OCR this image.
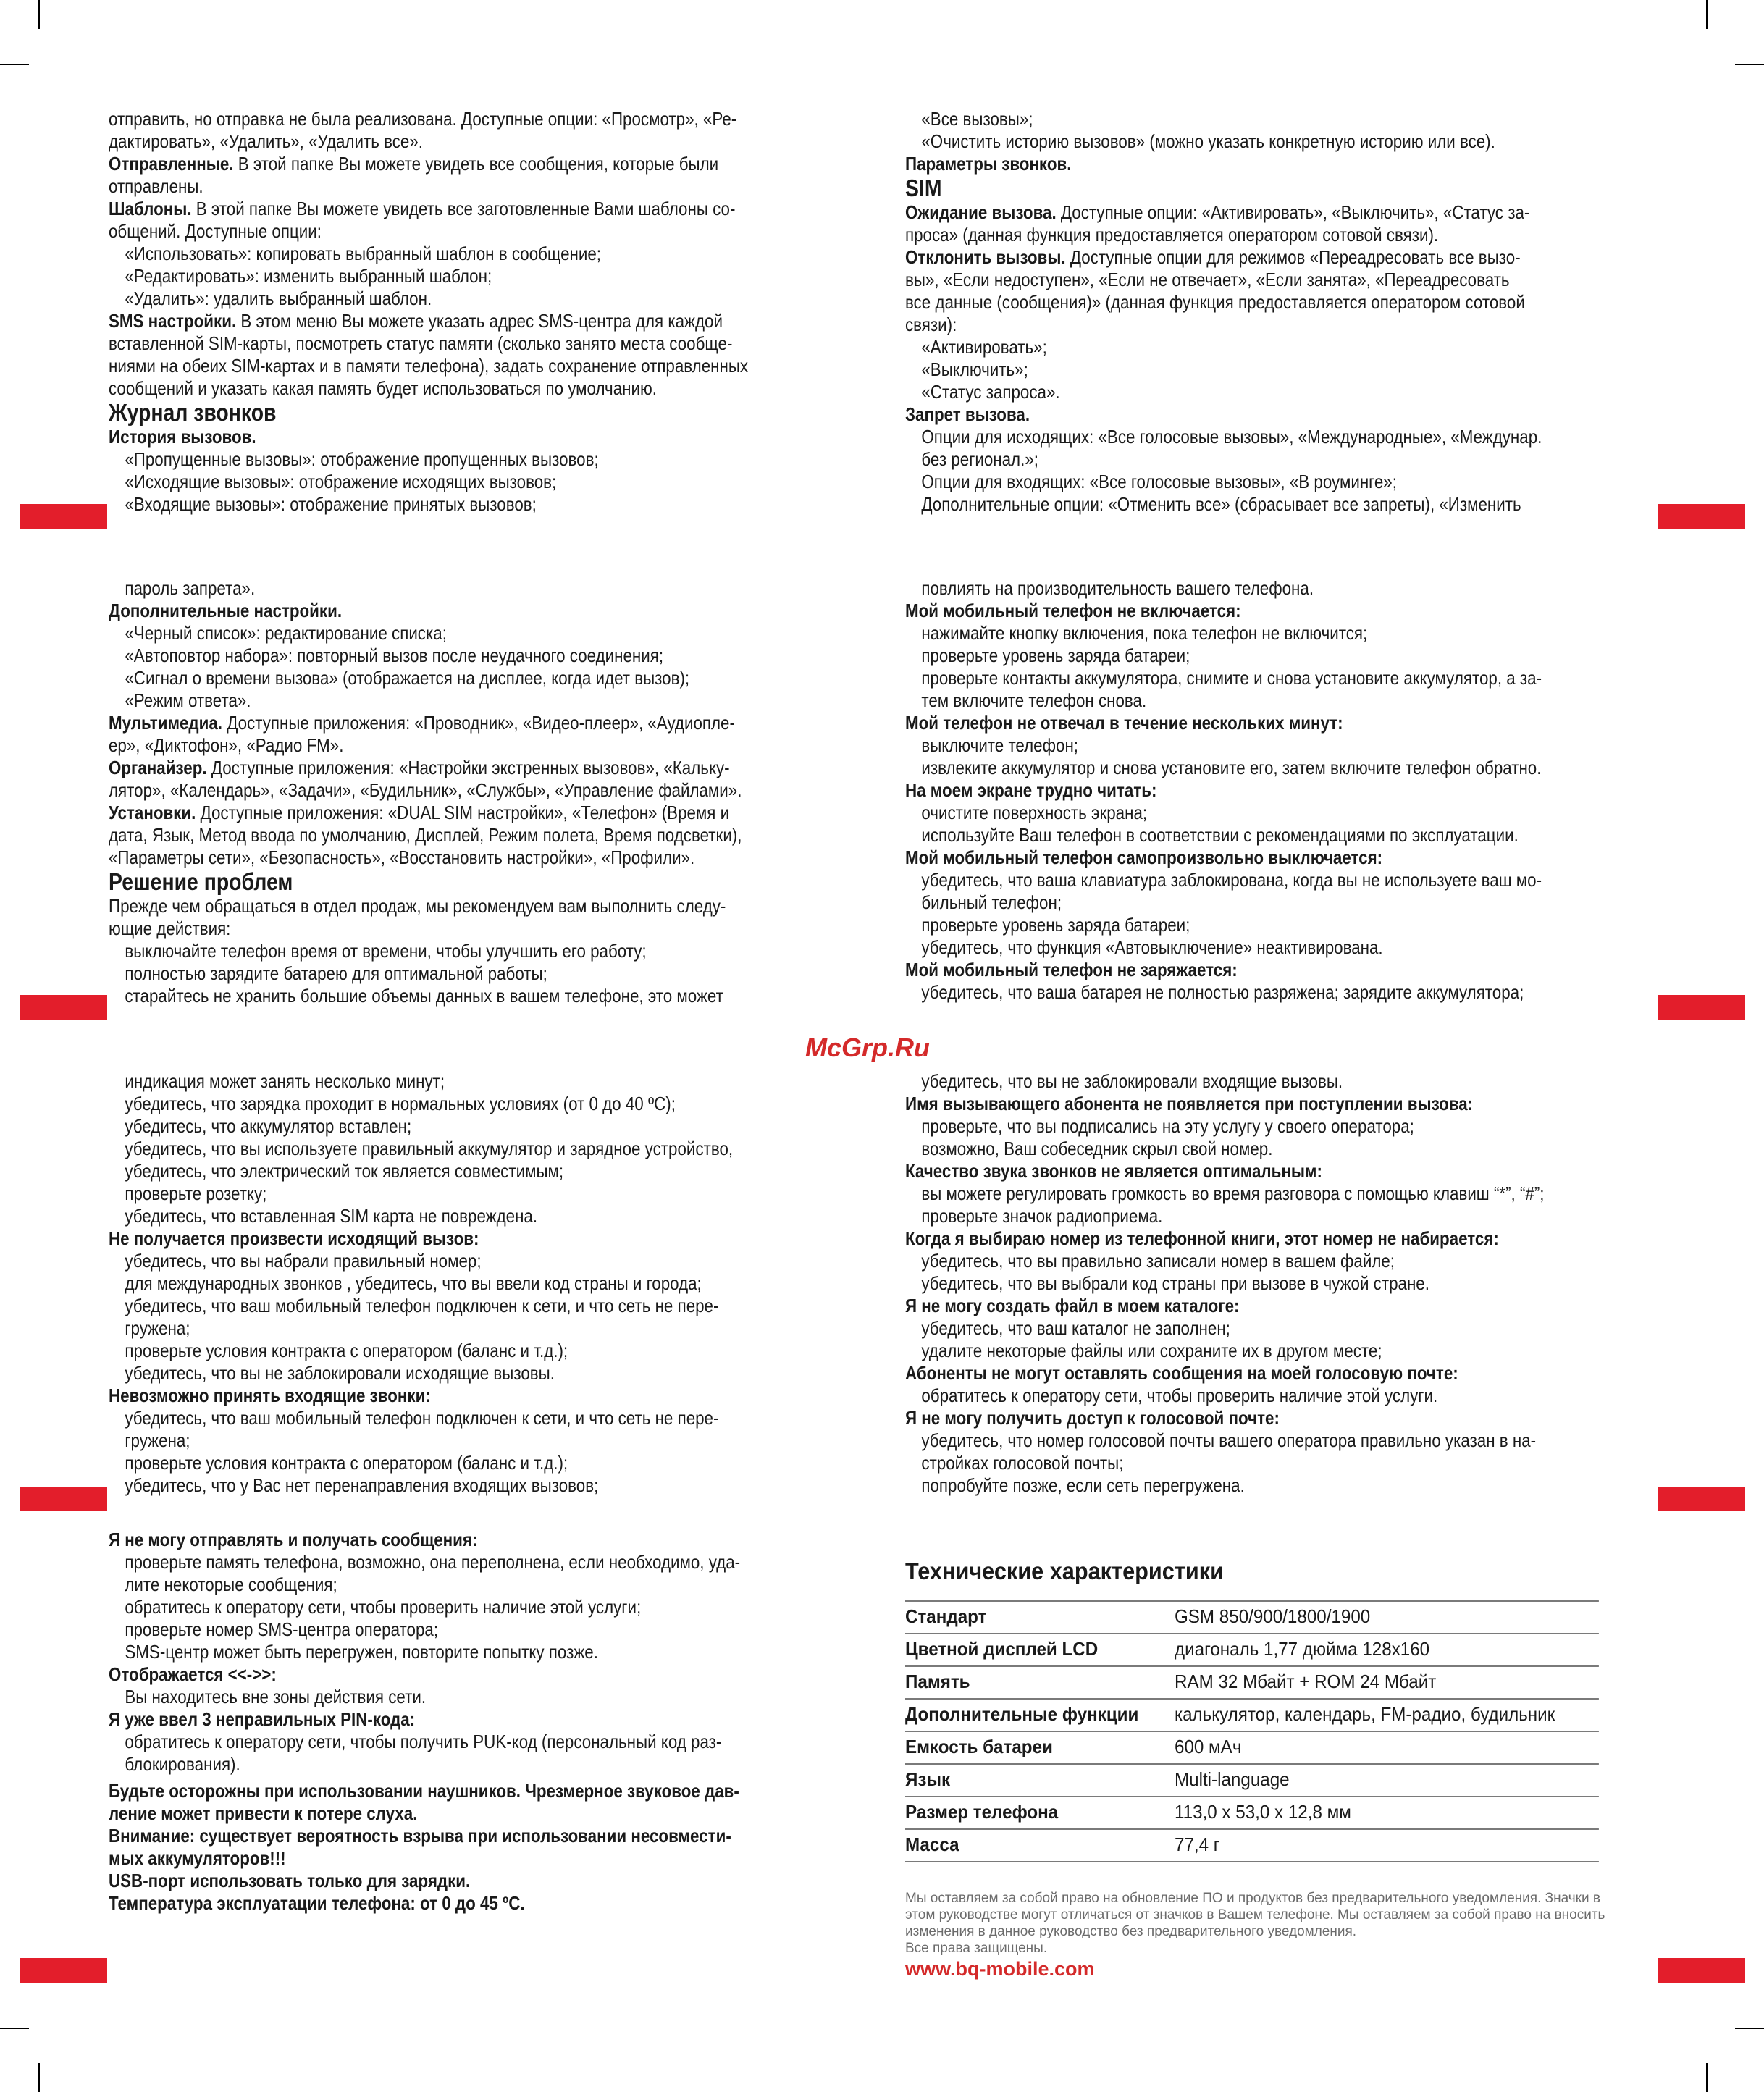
McGrp.Ru

отправить, но отправка не была реализована. Доступные опции: «Просмотр», «Ре-

дактировать», «Удалить», «Удалить все».

Отправленные. В этой папке Вы можете увидеть все сообщения, которые были

отправлены.

Шаблоны. В этой папке Вы можете увидеть все заготовленные Вами шаблоны со-

общений. Доступные опции:

«Использовать»: копировать выбранный шаблон в сообщение;

«Редактировать»: изменить выбранный шаблон;

«Удалить»: удалить выбранный шаблон.

SMS настройки. В этом меню Вы можете указать адрес SMS-центра для каждой

вставленной SIM-карты, посмотреть статус памяти (сколько занято места сообще-

ниями на обеих SIM-картах и в памяти телефона), задать сохранение отправленных

сообщений и указать какая память будет использоваться по умолчанию.

Журнал звонков

История вызовов.

«Пропущенные вызовы»: отображение пропущенных вызовов;

«Исходящие вызовы»: отображение исходящих вызовов;

«Входящие вызовы»: отображение принятых вызовов;

«Все вызовы»;

«Очистить историю вызовов» (можно указать конкретную историю или все).

Параметры звонков.

SIM

Ожидание вызова. Доступные опции: «Активировать», «Выключить», «Статус за-

проса» (данная функция предоставляется оператором сотовой связи).

Отклонить вызовы. Доступные опции для режимов «Переадресовать все вызо-

вы», «Если недоступен», «Если не отвечает», «Если занята», «Переадресовать

все данные (сообщения)» (данная функция предоставляется оператором сотовой

связи):

«Активировать»;

«Выключить»;

«Статус запроса».

Запрет вызова.

Опции для исходящих: «Все голосовые вызовы», «Международные», «Междунар.

без регионал.»;

Опции для входящих: «Все голосовые вызовы», «В роуминге»;

Дополнительные опции: «Отменить все» (сбрасывает все запреты), «Изменить

пароль запрета».

Дополнительные настройки.

«Черный список»: редактирование списка;

«Автоповтор набора»: повторный вызов после неудачного соединения;

«Сигнал о времени вызова» (отображается на дисплее, когда идет вызов);

«Режим ответа».

Мультимедиа. Доступные приложения: «Проводник», «Видео-плеер», «Аудиопле-

ер», «Диктофон», «Радио FM».

Органайзер. Доступные приложения: «Настройки экстренных вызовов», «Кальку-

лятор», «Календарь», «Задачи», «Будильник», «Службы», «Управление файлами».

Установки. Доступные приложения: «DUAL SIM настройки», «Телефон» (Время и

дата, Язык, Метод ввода по умолчанию, Дисплей, Режим полета, Время подсветки),

«Параметры сети», «Безопасность», «Восстановить настройки», «Профили».

Решение проблем

Прежде чем обращаться в отдел продаж, мы рекомендуем вам выполнить следу-

ющие действия:

выключайте телефон время от времени, чтобы улучшить его работу;

полностью зарядите батарею для оптимальной работы;

старайтесь не хранить большие объемы данных в вашем телефоне, это может

повлиять на производительность вашего телефона.

Мой мобильный телефон не включается:

нажимайте кнопку включения, пока телефон не включится;

проверьте уровень заряда батареи;

проверьте контакты аккумулятора, снимите и снова установите аккумулятор, а за-

тем включите телефон снова.

Мой телефон не отвечал в течение нескольких минут:

выключите телефон;

извлеките аккумулятор и снова установите его, затем включите телефон обратно.

На моем экране трудно читать:

очистите поверхность экрана;

используйте Ваш телефон в соответствии с рекомендациями по эксплуатации.

Мой мобильный телефон самопроизвольно выключается:

убедитесь, что ваша клавиатура заблокирована, когда вы не используете ваш мо-

бильный телефон;

проверьте уровень заряда батареи;

убедитесь, что функция «Автовыключение» неактивирована.

Мой мобильный телефон не заряжается:

убедитесь, что ваша батарея не полностью разряжена; зарядите аккумулятора;

индикация может занять несколько минут;

убедитесь, что зарядка проходит в нормальных условиях (от 0 до 40 ºC);

убедитесь, что аккумулятор вставлен;

убедитесь, что вы используете правильный аккумулятор и зарядное устройство,

убедитесь, что электрический ток является совместимым;

проверьте розетку;

убедитесь, что вставленная SIM карта не повреждена.

Не получается произвести исходящий вызов:

убедитесь, что вы набрали правильный номер;

для международных звонков , убедитесь, что вы ввели код страны и города;

убедитесь, что ваш мобильный телефон подключен к сети, и что сеть не пере-

гружена;

проверьте условия контракта с оператором (баланс и т.д.);

убедитесь, что вы не заблокировали исходящие вызовы.

Невозможно принять входящие звонки:

убедитесь, что ваш мобильный телефон подключен к сети, и что сеть не пере-

гружена;

проверьте условия контракта с оператором (баланс и т.д.);

убедитесь, что у Вас нет перенаправления входящих вызовов;

убедитесь, что вы не заблокировали входящие вызовы.

Имя вызывающего абонента не появляется при поступлении вызова:

проверьте, что вы подписались на эту услугу у своего оператора;

возможно, Ваш собеседник скрыл свой номер.

Качество звука звонков не является оптимальным:

вы можете регулировать громкость во время разговора с помощью клавиш “*”, “#”;

проверьте значок радиоприема.

Когда я выбираю номер из телефонной книги, этот номер не набирается:

убедитесь, что вы правильно записали номер в вашем файле;

убедитесь, что вы выбрали код страны при вызове в чужой стране.

Я не могу создать файл в моем каталоге:

убедитесь, что ваш каталог не заполнен;

удалите некоторые файлы или сохраните их в другом месте;

Абоненты не могут оставлять сообщения на моей голосовую почте:

обратитесь к оператору сети, чтобы проверить наличие этой услуги.

Я не могу получить доступ к голосовой почте:

убедитесь, что номер голосовой почты вашего оператора правильно указан в на-

стройках голосовой почты;

попробуйте позже, если сеть перегружена.

Я не могу отправлять и получать сообщения:

проверьте память телефона, возможно, она переполнена, если необходимо, уда-

лите некоторые сообщения;

обратитесь к оператору сети, чтобы проверить наличие этой услуги;

проверьте номер SMS-центра оператора;

SMS-центр может быть перегружен, повторите попытку позже.

Отображается <<->>:

Вы находитесь вне зоны действия сети.

Я уже ввел 3 неправильных PIN-кода:

обратитесь к оператору сети, чтобы получить PUK-код (персональный код раз-

блокирования).

Будьте осторожны при использовании наушников. Чрезмерное звуковое дав-

ление может привести к потере слуха.

Внимание: существует вероятность взрыва при использовании несовмести-

мых аккумуляторов!!!

USB-порт использовать только для зарядки.

Температура эксплуатации телефона: от 0 до 45 ºC.

Технические характеристики
Стандарт	GSM 850/900/1800/1900
Цветной дисплей LCD	диагональ 1,77 дюйма 128х160
Память	RAM 32 Мбайт + ROM 24 Мбайт
Дополнительные функции	калькулятор, календарь, FM-радио, будильник
Емкость батареи	600 мАч
Язык	Multi-language
Размер телефона	113,0 х 53,0 х 12,8 мм
Масса	77,4 г
Мы оставляем за собой право на обновление ПО и продуктов без предварительного уведомления. Значки в
этом руководстве могут отличаться от значков в Вашем телефоне. Мы оставляем за собой право на вносить
изменения в данное руководство без предварительного уведомления.
Все права защищены.
www.bq-mobile.com
